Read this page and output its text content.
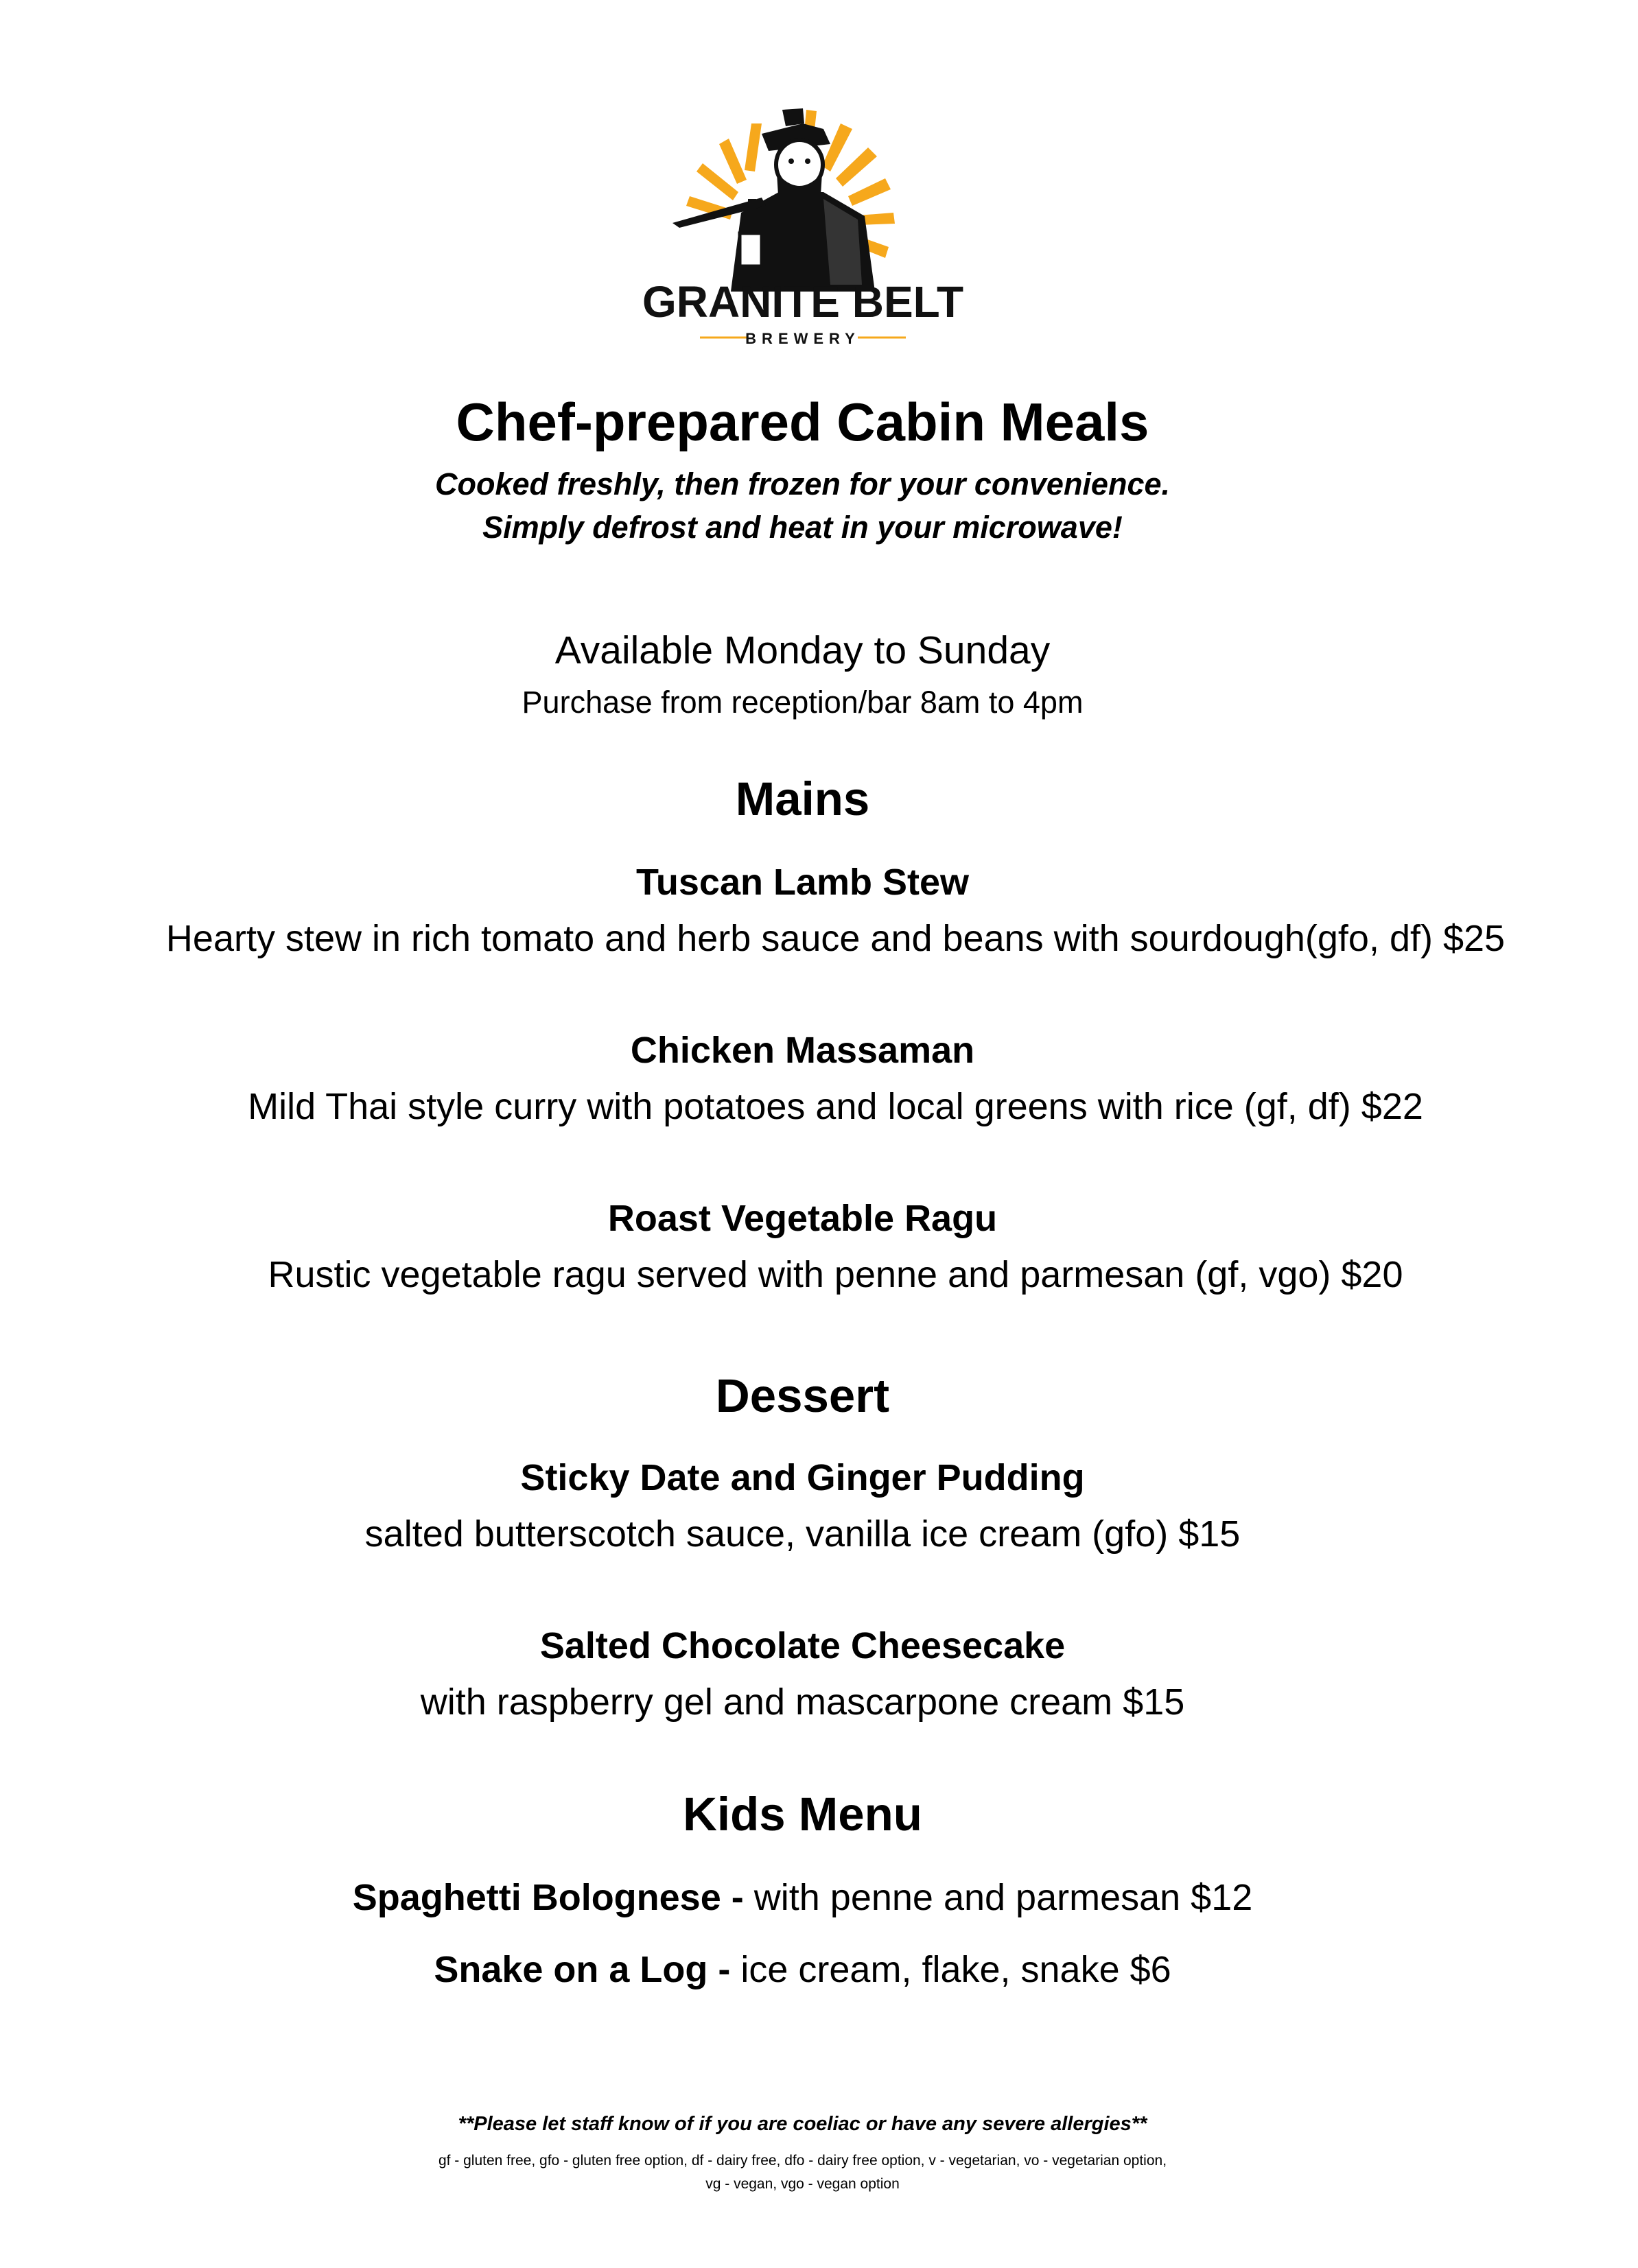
GRANITE BELT
BREWERY
Chef-prepared Cabin Meals
Cooked freshly, then frozen for your convenience.
Simply defrost and heat in your microwave!
Available Monday to Sunday
Purchase from reception/bar 8am to 4pm
Mains
Tuscan Lamb Stew
Hearty stew in rich tomato and herb sauce and beans with sourdough(gfo, df) $25
Chicken Massaman
Mild Thai style curry with potatoes and local greens with rice (gf, df) $22
Roast Vegetable Ragu
Rustic vegetable ragu served with penne and parmesan (gf, vgo) $20
Dessert
Sticky Date and Ginger Pudding
salted butterscotch sauce, vanilla ice cream (gfo) $15
Salted Chocolate Cheesecake
with raspberry gel and mascarpone cream $15
Kids Menu
Spaghetti Bolognese - with penne and parmesan $12
Snake on a Log - ice cream, flake, snake $6
**Please let staff know of if you are coeliac or have any severe allergies**
gf - gluten free, gfo - gluten free option, df - dairy free, dfo - dairy free option, v - vegetarian, vo - vegetarian option,
vg - vegan, vgo - vegan option
